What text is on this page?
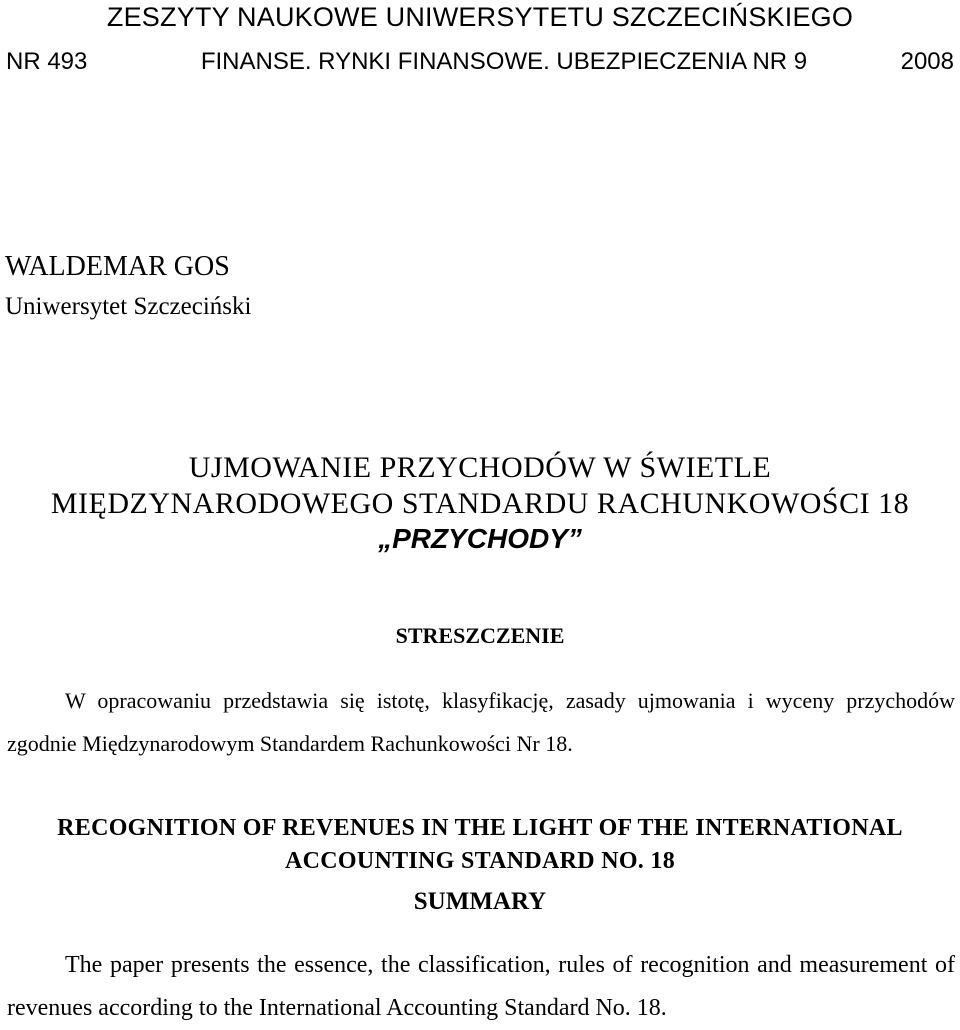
ZESZYTY NAUKOWE UNIWERSYTETU SZCZECIŃSKIEGO
NR 493	FINANSE. RYNKI FINANSOWE. UBEZPIECZENIA NR 9	2008
WALDEMAR GOS
Uniwersytet Szczeciński
UJMOWANIE PRZYCHODÓW W ŚWIETLE
MIĘDZYNARODOWEGO STANDARDU RACHUNKOWOŚCI 18
„PRZYCHODY”
STRESZCZENIE
W opracowaniu przedstawia się istotę, klasyfikację, zasady ujmowania i wyceny przychodów zgodnie Międzynarodowym Standardem Rachunkowości Nr 18.
RECOGNITION OF REVENUES IN THE LIGHT OF THE INTERNATIONAL
ACCOUNTING STANDARD NO. 18
SUMMARY
The paper presents the essence, the classification, rules of recognition and measurement of revenues according to the International Accounting Standard No. 18.
